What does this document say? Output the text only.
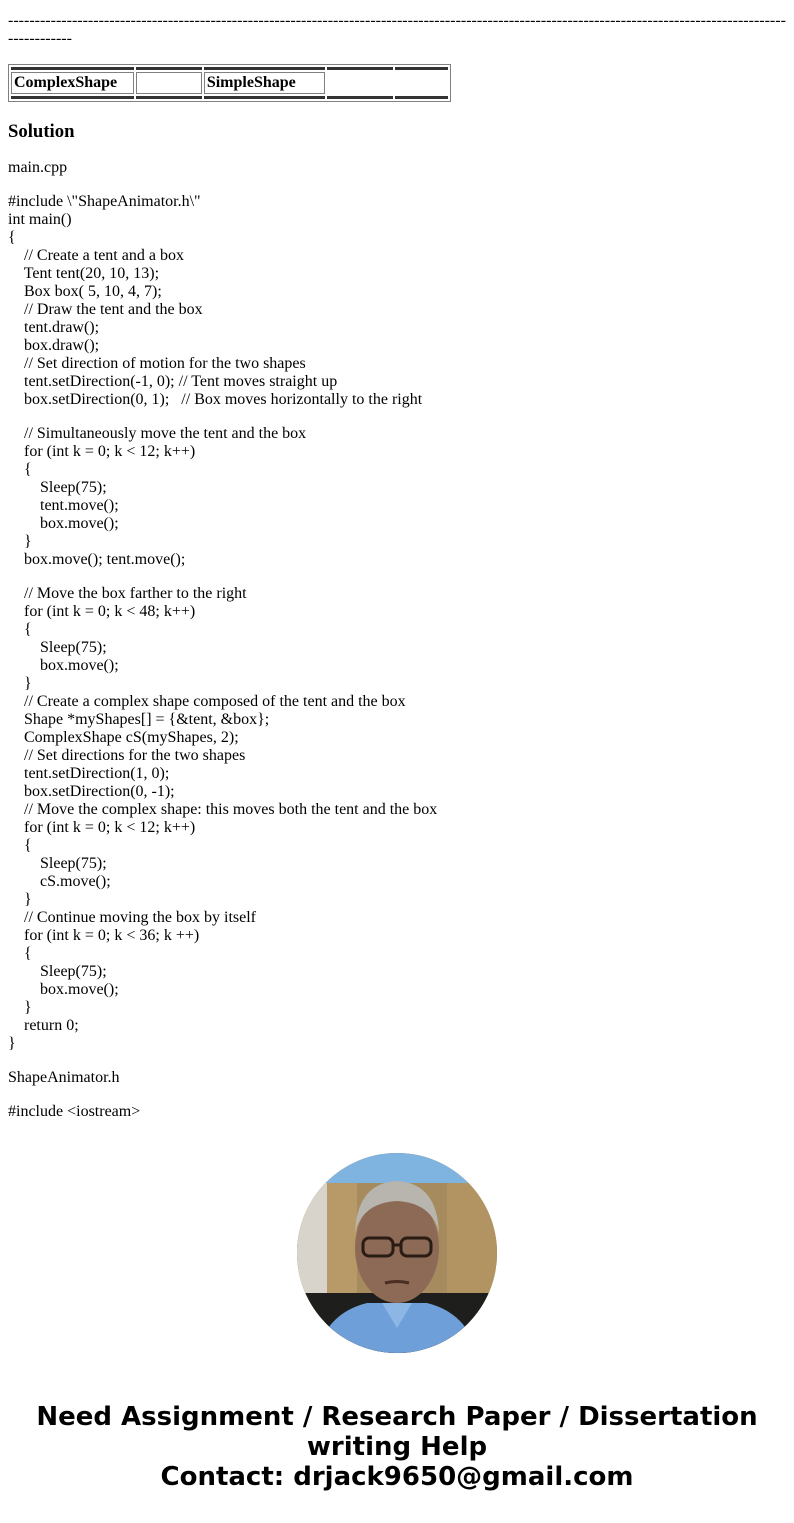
--------------------------------------------------------------------------------------------------------------------------------------------------------------

ComplexShape		SimpleShape		

Solution

main.cpp

#include \"ShapeAnimator.h\"
int main()
{
// Create a tent and a box
Tent tent(20, 10, 13);
Box box( 5, 10, 4, 7);
// Draw the tent and the box
tent.draw();
box.draw();
// Set direction of motion for the two shapes
tent.setDirection(-1, 0); // Tent moves straight up
box.setDirection(0, 1);   // Box moves horizontally to the right
// Simultaneously move the tent and the box
for (int k = 0; k < 12; k++)
{
Sleep(75);
tent.move();
box.move();
}
box.move(); tent.move();
// Move the box farther to the right
for (int k = 0; k < 48; k++)
{
Sleep(75);
box.move();
}
// Create a complex shape composed of the tent and the box
Shape *myShapes[] = {&tent, &box};
ComplexShape cS(myShapes, 2);
// Set directions for the two shapes
tent.setDirection(1, 0);
box.setDirection(0, -1);
// Move the complex shape: this moves both the tent and the box
for (int k = 0; k < 12; k++)
{
Sleep(75);
cS.move();
}
// Continue moving the box by itself
for (int k = 0; k < 36; k ++)
{
Sleep(75);
box.move();
}
return 0;
}

ShapeAnimator.h

#include <iostream>
Need Assignment / Research Paper / Dissertation
writing Help
Contact: drjack9650@gmail.com
